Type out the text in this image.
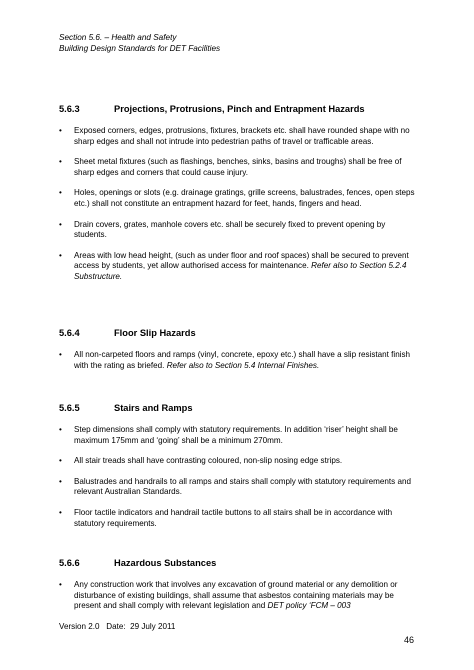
Section 5.6. – Health and Safety
Building Design Standards for DET Facilities
5.6.3	Projections, Protrusions, Pinch and Entrapment Hazards
• Exposed corners, edges, protrusions, fixtures, brackets etc. shall have rounded shape with no sharp edges and shall not intrude into pedestrian paths of travel or trafficable areas.
• Sheet metal fixtures (such as flashings, benches, sinks, basins and troughs) shall be free of sharp edges and corners that could cause injury.
• Holes, openings or slots (e.g. drainage gratings, grille screens, balustrades, fences, open steps etc.) shall not constitute an entrapment hazard for feet, hands, fingers and head.
• Drain covers, grates, manhole covers etc. shall be securely fixed to prevent opening by students.
• Areas with low head height, (such as under floor and roof spaces) shall be secured to prevent access by students, yet allow authorised access for maintenance. Refer also to Section 5.2.4 Substructure.
5.6.4	Floor Slip Hazards
• All non-carpeted floors and ramps (vinyl, concrete, epoxy etc.) shall have a slip resistant finish with the rating as briefed. Refer also to Section 5.4 Internal Finishes.
5.6.5	Stairs and Ramps
• Step dimensions shall comply with statutory requirements. In addition ‘riser’ height shall be maximum 175mm and ‘going’ shall be a minimum 270mm.
• All stair treads shall have contrasting coloured, non-slip nosing edge strips.
• Balustrades and handrails to all ramps and stairs shall comply with statutory requirements and relevant Australian Standards.
• Floor tactile indicators and handrail tactile buttons to all stairs shall be in accordance with statutory requirements.
5.6.6	Hazardous Substances
• Any construction work that involves any excavation of ground material or any demolition or disturbance of existing buildings, shall assume that asbestos containing materials may be present and shall comply with relevant legislation and DET policy ‘FCM – 003
Version 2.0   Date:  29 July 2011
46
